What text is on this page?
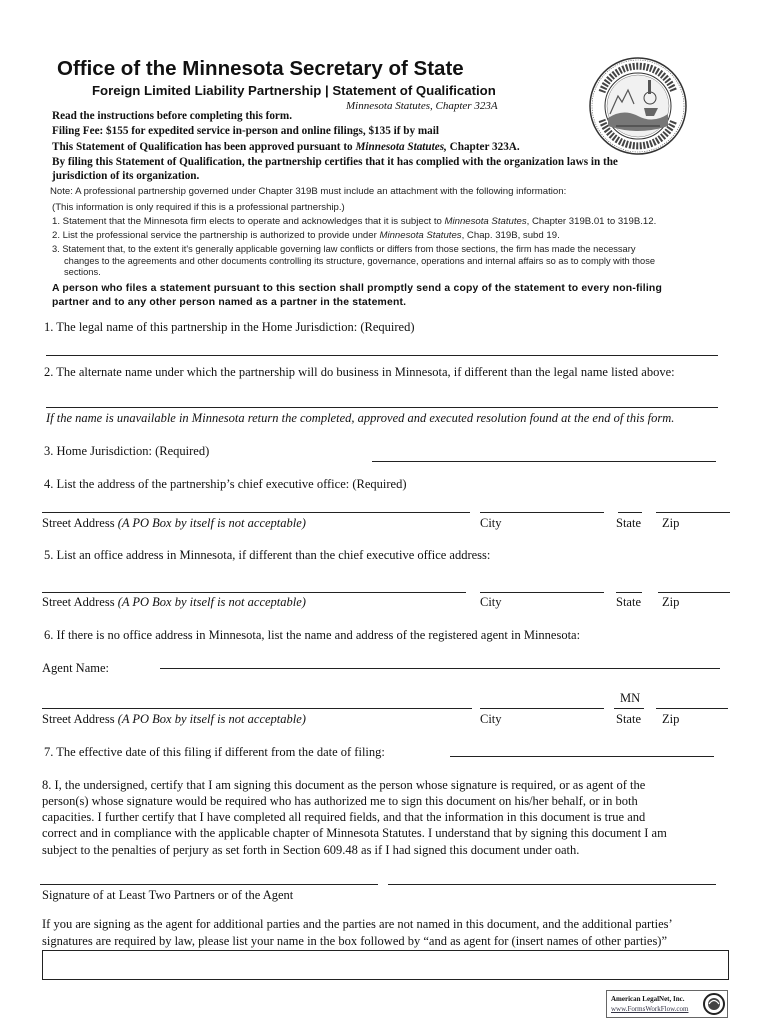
Office of the Minnesota Secretary of State
Foreign Limited Liability Partnership | Statement of Qualification
Minnesota Statutes, Chapter 323A
Read the instructions before completing this form.
Filing Fee: $155 for expedited service in-person and online filings, $135 if by mail
This Statement of Qualification has been approved pursuant to Minnesota Statutes, Chapter 323A.
By filing this Statement of Qualification, the partnership certifies that it has complied with the organization laws in the
jurisdiction of its organization.
Note: A professional partnership governed under Chapter 319B must include an attachment with the following information:
(This information is only required if this is a professional partnership.)
1. Statement that the Minnesota firm elects to operate and acknowledges that it is subject to Minnesota Statutes, Chapter 319B.01 to 319B.12.
2. List the professional service the partnership is authorized to provide under Minnesota Statutes, Chap. 319B, subd 19.
3. Statement that, to the extent it's generally applicable governing law conflicts or differs from those sections, the firm has made the necessary
changes to the agreements and other documents controlling its structure, governance, operations and internal affairs so as to comply with those
sections.
A person who files a statement pursuant to this section shall promptly send a copy of the statement to every non-filing
partner and to any other person named as a partner in the statement.
1. The legal name of this partnership in the Home Jurisdiction: (Required)
2. The alternate name under which the partnership will do business in Minnesota, if different than the legal name listed above:
If the name is unavailable in Minnesota return the completed, approved and executed resolution found at the end of this form.
3. Home Jurisdiction: (Required)
4. List the address of the partnership’s chief executive office: (Required)
Street Address (A PO Box by itself is not acceptable)	City	State Zip
5. List an office address in Minnesota, if different than the chief executive office address:
Street Address (A PO Box by itself is not acceptable)	City	State Zip
6. If there is no office address in Minnesota, list the name and address of the registered agent in Minnesota:
Agent Name:
MN
Street Address (A PO Box by itself is not acceptable)	City	State Zip
7. The effective date of this filing if different from the date of filing:
8. I, the undersigned, certify that I am signing this document as the person whose signature is required, or as agent of the
person(s) whose signature would be required who has authorized me to sign this document on his/her behalf, or in both
capacities. I further certify that I have completed all required fields, and that the information in this document is true and
correct and in compliance with the applicable chapter of Minnesota Statutes. I understand that by signing this document I am
subject to the penalties of perjury as set forth in Section 609.48 as if I had signed this document under oath.
Signature of at Least Two Partners or of the Agent
If you are signing as the agent for additional parties and the parties are not named in this document, and the additional parties’
signatures are required by law, please list your name in the box followed by “and as agent for (insert names of other parties)”
American LegalNet, Inc.
www.FormsWorkFlow.com
